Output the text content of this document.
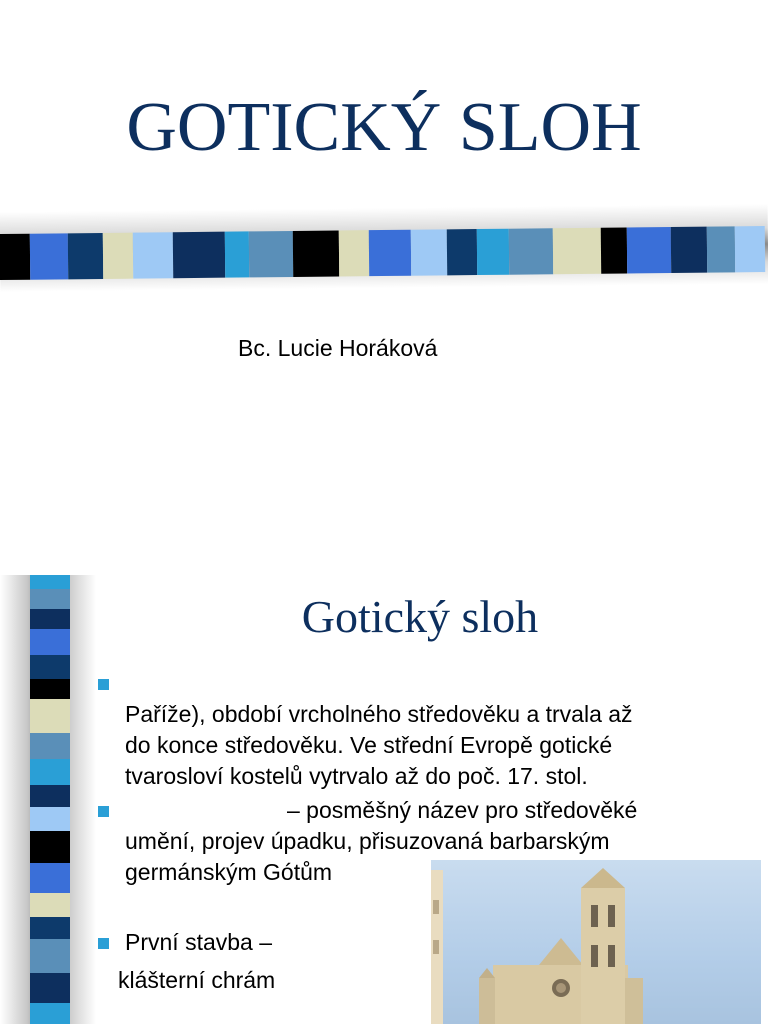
GOTICKÝ SLOH
Bc. Lucie Horáková
Gotický sloh
Paříže), období vrcholného středověku a trvala až
do konce středověku. Ve střední Evropě gotické
tvarosloví kostelů vytrvalo až do poč. 17. stol.
– posměšný název pro středověké
umění, projev úpadku, přisuzovaná barbarským
germánským Gótům
První stavba –
klášterní chrám
